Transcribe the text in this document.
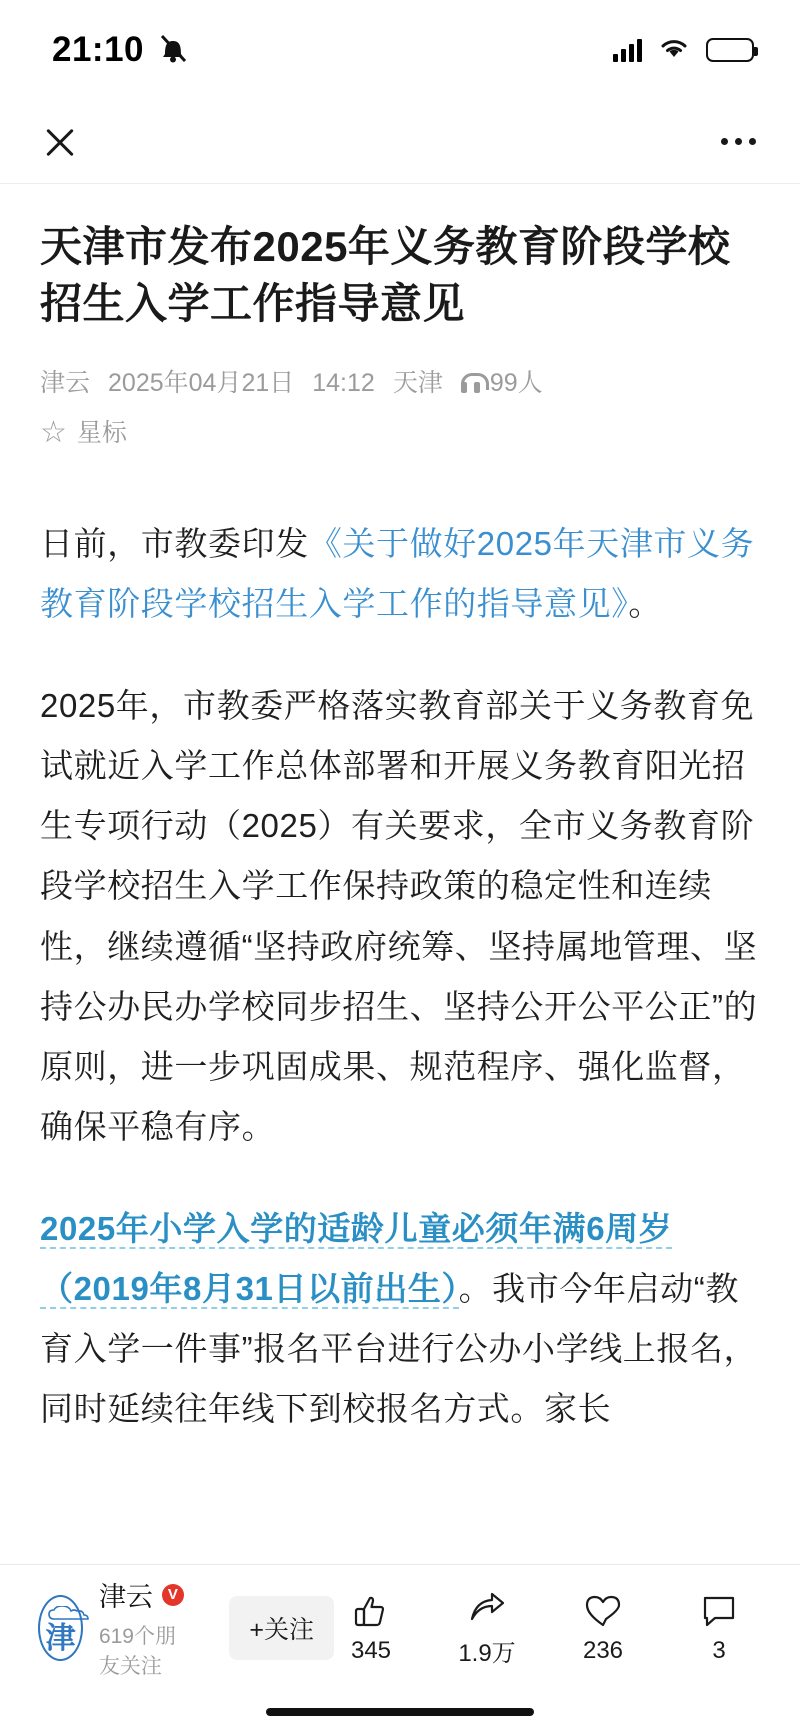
21:10
天津市发布2025年义务教育阶段学校招生入学工作指导意见
津云 2025年04月21日 14:12 天津 99人
☆ 星标

日前，市教委印发《关于做好2025年天津市义务教育阶段学校招生入学工作的指导意见》。

2025年，市教委严格落实教育部关于义务教育免试就近入学工作总体部署和开展义务教育阳光招生专项行动（2025）有关要求，全市义务教育阶段学校招生入学工作保持政策的稳定性和连续性，继续遵循“坚持政府统筹、坚持属地管理、坚持公办民办学校同步招生、坚持公开公平公正”的原则，进一步巩固成果、规范程序、强化监督，确保平稳有序。

2025年小学入学的适龄儿童必须年满6周岁（2019年8月31日以前出生）。我市今年启动“教育入学一件事”报名平台进行公办小学线上报名，同时延续往年线下到校报名方式。家长

津
津云 V
619个朋友关注
+关注
345	1.9万	236	3
